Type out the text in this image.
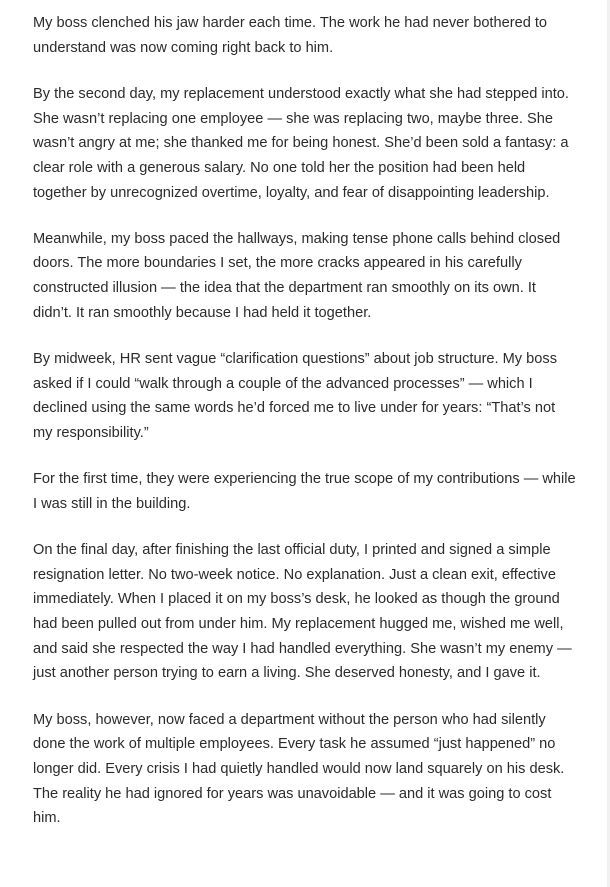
My boss clenched his jaw harder each time. The work he had never bothered to understand was now coming right back to him.

By the second day, my replacement understood exactly what she had stepped into. She wasn’t replacing one employee — she was replacing two, maybe three. She wasn’t angry at me; she thanked me for being honest. She’d been sold a fantasy: a clear role with a generous salary. No one told her the position had been held together by unrecognized overtime, loyalty, and fear of disappointing leadership.

Meanwhile, my boss paced the hallways, making tense phone calls behind closed doors. The more boundaries I set, the more cracks appeared in his carefully constructed illusion — the idea that the department ran smoothly on its own. It didn’t. It ran smoothly because I had held it together.

By midweek, HR sent vague “clarification questions” about job structure. My boss asked if I could “walk through a couple of the advanced processes” — which I declined using the same words he’d forced me to live under for years: “That’s not my responsibility.”

For the first time, they were experiencing the true scope of my contributions — while I was still in the building.

On the final day, after finishing the last official duty, I printed and signed a simple resignation letter. No two-week notice. No explanation. Just a clean exit, effective immediately. When I placed it on my boss’s desk, he looked as though the ground had been pulled out from under him. My replacement hugged me, wished me well, and said she respected the way I had handled everything. She wasn’t my enemy — just another person trying to earn a living. She deserved honesty, and I gave it.

My boss, however, now faced a department without the person who had silently done the work of multiple employees. Every task he assumed “just happened” no longer did. Every crisis I had quietly handled would now land squarely on his desk. The reality he had ignored for years was unavoidable — and it was going to cost him.
